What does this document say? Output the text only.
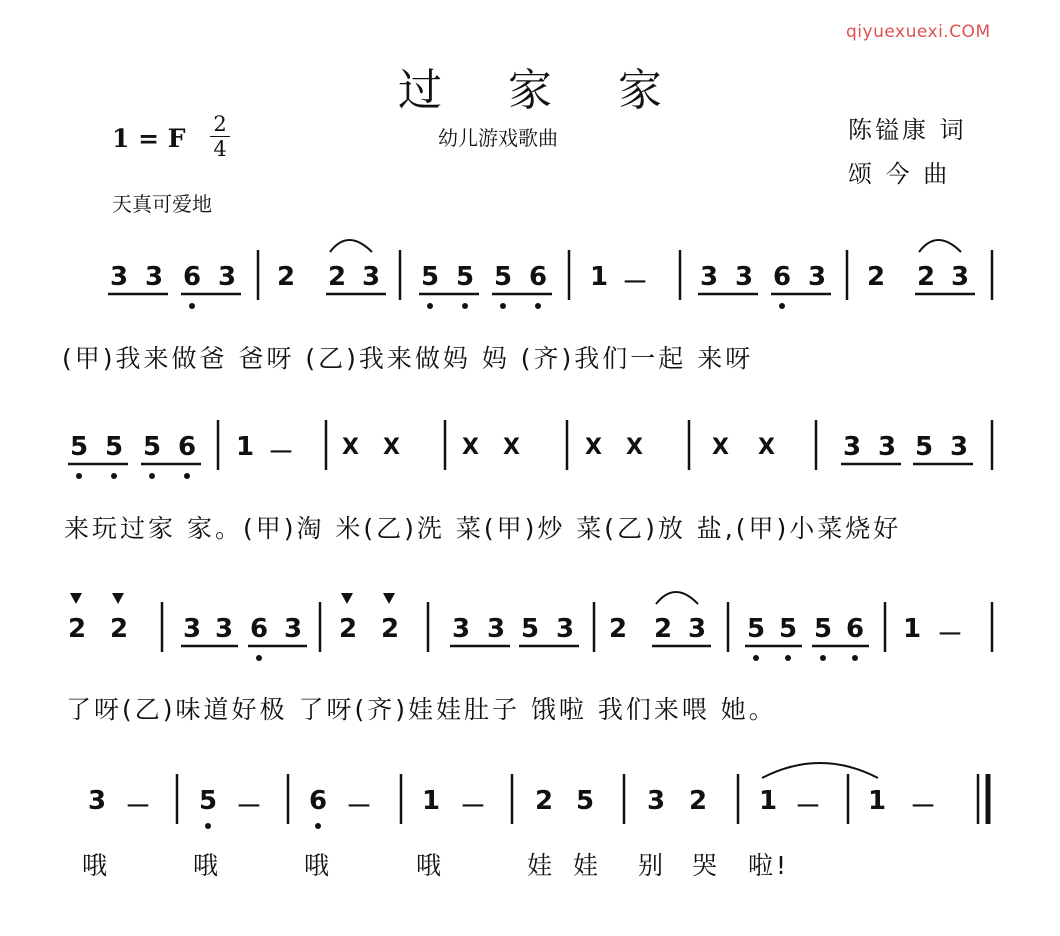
qiyuexuexi.COM
过 家 家
1 = F 2
4	幼儿游戏歌曲
天真可爱地
陈镒康 词
颂 今 曲
3 3 6 3 2 2 3 5 5 5 6 1 － 3 3 6 3 2 2 3
(甲)我来做爸 爸呀 (乙)我来做妈 妈 (齐)我们一起 来呀
5 5 5 6 1 － X X	X X	X X	X X	3 3 5 3
来玩过家 家。(甲)淘 米(乙)洗 菜(甲)炒 菜(乙)放 盐,(甲)小菜烧好
2 2 3 3 6 3 2 2 3 3 5 3 2 2 3 5 5 5 6 1 －
了呀(乙)味道好极 了呀(齐)娃娃肚子 饿啦 我们来喂 她。
3 － 5 － 6 － 1 － 2 5 3 2 1 － 1 －
哦	哦	哦	哦	娃 娃 别 哭 啦!
